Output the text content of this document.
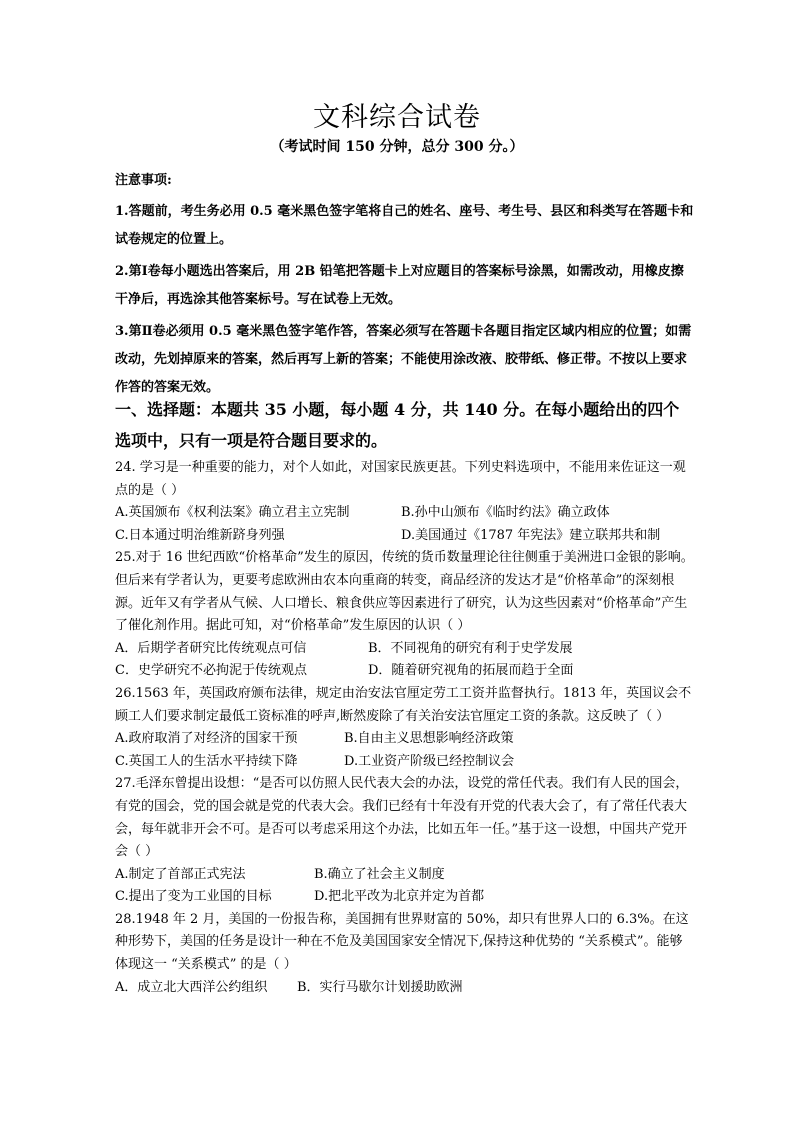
文科综合试卷
（考试时间 150 分钟，总分 300 分。）
注意事项:
1.答题前，考生务必用 0.5 毫米黑色签字笔将自己的姓名、座号、考生号、县区和科类写在答题卡和试卷规定的位置上。
2.第Ⅰ卷每小题选出答案后，用 2B 铅笔把答题卡上对应题目的答案标号涂黑，如需改动，用橡皮擦干净后，再选涂其他答案标号。写在试卷上无效。
3.第Ⅱ卷必须用 0.5 毫米黑色签字笔作答，答案必须写在答题卡各题目指定区域内相应的位置；如需改动，先划掉原来的答案，然后再写上新的答案；不能使用涂改液、胶带纸、修正带。不按以上要求作答的答案无效。
一、选择题：本题共 35 小题，每小题 4 分，共 140 分。在每小题给出的四个选项中，只有一项是符合题目要求的。
24. 学习是一种重要的能力，对个人如此，对国家民族更甚。下列史料选项中，不能用来佐证这一观点的是（ ）
A.英国颁布《权利法案》确立君主立宪制	B.孙中山颁布《临时约法》确立政体
C.日本通过明治维新跻身列强	D.美国通过《1787 年宪法》建立联邦共和制
25.对于 16 世纪西欧“价格革命”发生的原因，传统的货币数量理论往往侧重于美洲进口金银的影响。但后来有学者认为，更要考虑欧洲由农本向重商的转变，商品经济的发达才是“价格革命”的深刻根源。近年又有学者从气候、人口增长、粮食供应等因素进行了研究，认为这些因素对“价格革命”产生了催化剂作用。据此可知，对“价格革命”发生原因的认识（ ）
A．后期学者研究比传统观点可信	B．不同视角的研究有利于史学发展
C．史学研究不必拘泥于传统观点	D．随着研究视角的拓展而趋于全面
26.1563 年，英国政府颁布法律，规定由治安法官厘定劳工工资并监督执行。1813 年，英国议会不顾工人们要求制定最低工资标准的呼声,断然废除了有关治安法官厘定工资的条款。这反映了（ ）
A.政府取消了对经济的国家干预	B.自由主义思想影响经济政策
C.英国工人的生活水平持续下降	D.工业资产阶级已经控制议会
27.毛泽东曾提出设想：“是否可以仿照人民代表大会的办法，设党的常任代表。我们有人民的国会，有党的国会，党的国会就是党的代表大会。我们已经有十年没有开党的代表大会了，有了常任代表大会，每年就非开会不可。是否可以考虑采用这个办法，比如五年一任。”基于这一设想，中国共产党开会（ ）
A.制定了首部正式宪法	B.确立了社会主义制度
C.提出了变为工业国的目标	D.把北平改为北京并定为首都
28.1948 年 2 月，美国的一份报告称，美国拥有世界财富的 50%，却只有世界人口的 6.3%。在这种形势下，美国的任务是设计一种在不危及美国国家安全情况下,保持这种优势的 “关系模式”。能够体现这一 “关系模式” 的是（ ）
A．成立北大西洋公约组织	B．实行马歇尔计划援助欧洲
